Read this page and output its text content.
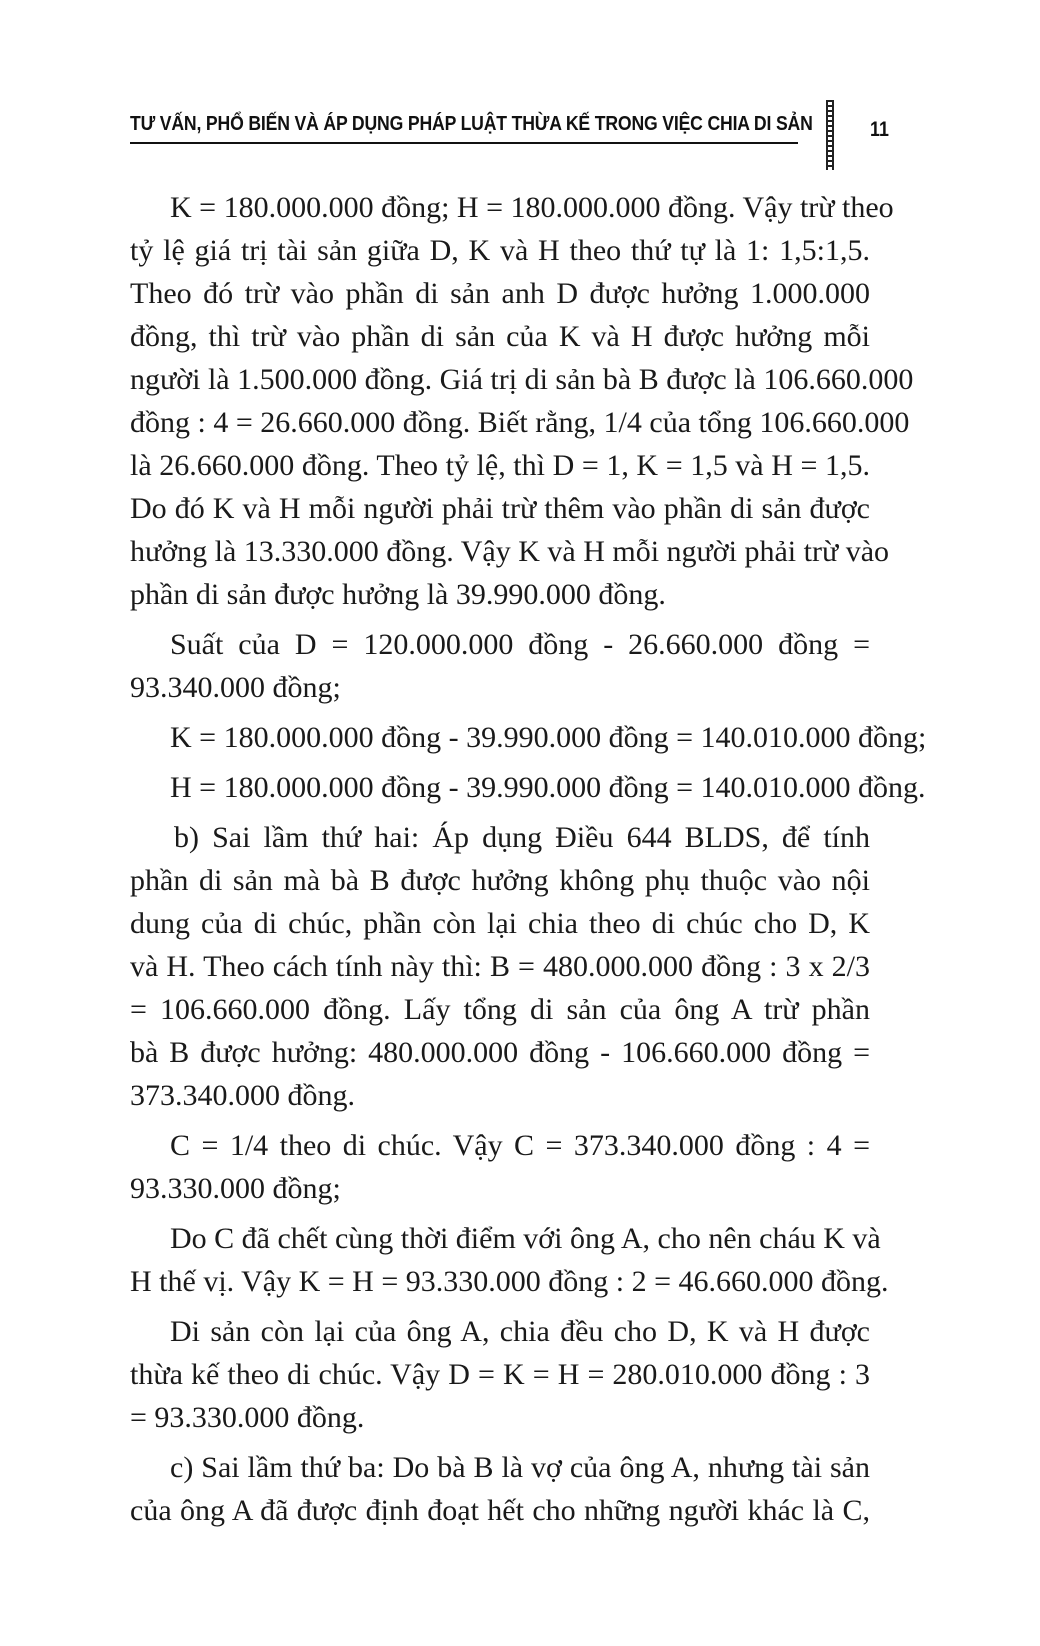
TƯ VẤN, PHỔ BIẾN VÀ ÁP DỤNG PHÁP LUẬT THỪA KẾ TRONG VIỆC CHIA DI SẢN	11
K = 180.000.000 đồng; H = 180.000.000 đồng. Vậy trừ theo
tỷ lệ giá trị tài sản giữa D, K và H theo thứ tự là 1: 1,5:1,5.
Theo đó trừ vào phần di sản anh D được hưởng 1.000.000
đồng, thì trừ vào phần di sản của K và H được hưởng mỗi
người là 1.500.000 đồng. Giá trị di sản bà B được là 106.660.000
đồng : 4 = 26.660.000 đồng. Biết rằng, 1/4 của tổng 106.660.000
là 26.660.000 đồng. Theo tỷ lệ, thì D = 1, K = 1,5 và H = 1,5.
Do đó K và H mỗi người phải trừ thêm vào phần di sản được
hưởng là 13.330.000 đồng. Vậy K và H mỗi người phải trừ vào
phần di sản được hưởng là 39.990.000 đồng.
Suất của D = 120.000.000 đồng - 26.660.000 đồng =
93.340.000 đồng;
K = 180.000.000 đồng - 39.990.000 đồng = 140.010.000 đồng;
H = 180.000.000 đồng - 39.990.000 đồng = 140.010.000 đồng.
b) Sai lầm thứ hai: Áp dụng Điều 644 BLDS, để tính
phần di sản mà bà B được hưởng không phụ thuộc vào nội
dung của di chúc, phần còn lại chia theo di chúc cho D, K
và H. Theo cách tính này thì: B = 480.000.000 đồng : 3 x 2/3
= 106.660.000 đồng. Lấy tổng di sản của ông A trừ phần
bà B được hưởng: 480.000.000 đồng - 106.660.000 đồng =
373.340.000 đồng.
C = 1/4 theo di chúc. Vậy C = 373.340.000 đồng : 4 =
93.330.000 đồng;
Do C đã chết cùng thời điểm với ông A, cho nên cháu K và
H thế vị. Vậy K = H = 93.330.000 đồng : 2 = 46.660.000 đồng.
Di sản còn lại của ông A, chia đều cho D, K và H được
thừa kế theo di chúc. Vậy D = K = H = 280.010.000 đồng : 3
= 93.330.000 đồng.
c) Sai lầm thứ ba: Do bà B là vợ của ông A, nhưng tài sản
của ông A đã được định đoạt hết cho những người khác là C,
